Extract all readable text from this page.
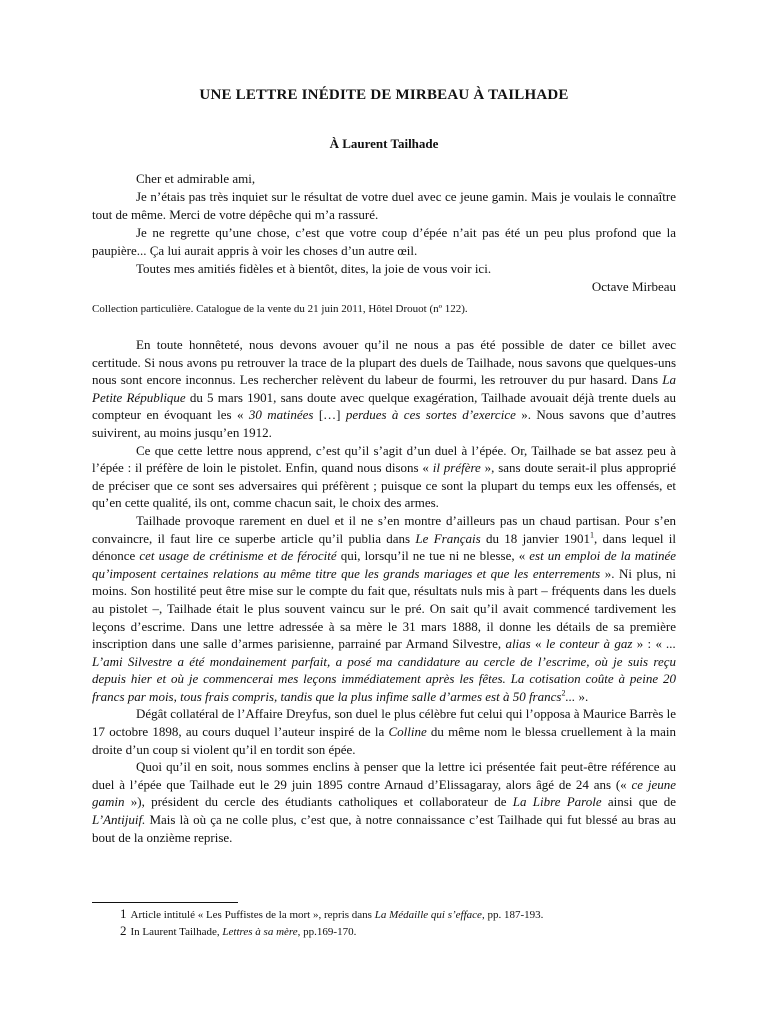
UNE LETTRE INÉDITE DE MIRBEAU À TAILHADE
À Laurent Tailhade

Cher et admirable ami,

Je n’étais pas très inquiet sur le résultat de votre duel avec ce jeune gamin. Mais je voulais le connaître tout de même. Merci de votre dépêche qui m’a rassuré.

Je ne regrette qu’une chose, c’est que votre coup d’épée n’ait pas été un peu plus profond que la paupière... Ça lui aurait appris à voir les choses d’un autre œil.

Toutes mes amitiés fidèles et à bientôt, dites, la joie de vous voir ici.

Octave Mirbeau

Collection particulière. Catalogue de la vente du 21 juin 2011, Hôtel Drouot (nº 122).

En toute honnêteté, nous devons avouer qu’il ne nous a pas été possible de dater ce billet avec certitude. Si nous avons pu retrouver la trace de la plupart des duels de Tailhade, nous savons que quelques-uns nous sont encore inconnus. Les rechercher relèvent du labeur de fourmi, les retrouver du pur hasard. Dans La Petite République du 5 mars 1901, sans doute avec quelque exagération, Tailhade avouait déjà trente duels au compteur en évoquant les « 30 matinées […] perdues à ces sortes d’exercice ». Nous savons que d’autres suivirent, au moins jusqu’en 1912.

Ce que cette lettre nous apprend, c’est qu’il s’agit d’un duel à l’épée. Or, Tailhade se bat assez peu à l’épée : il préfère de loin le pistolet. Enfin, quand nous disons « il préfère », sans doute serait-il plus approprié de préciser que ce sont ses adversaires qui préfèrent ; puisque ce sont la plupart du temps eux les offensés, et qu’en cette qualité, ils ont, comme chacun sait, le choix des armes.

Tailhade provoque rarement en duel et il ne s’en montre d’ailleurs pas un chaud partisan. Pour s’en convaincre, il faut lire ce superbe article qu’il publia dans Le Français du 18 janvier 1901$^1$, dans lequel il dénonce cet usage de crétinisme et de férocité qui, lorsqu’il ne tue ni ne blesse, « est un emploi de la matinée qu’imposent certaines relations au même titre que les grands mariages et que les enterrements ». Ni plus, ni moins. Son hostilité peut être mise sur le compte du fait que, résultats nuls mis à part – fréquents dans les duels au pistolet –, Tailhade était le plus souvent vaincu sur le pré. On sait qu’il avait commencé tardivement les leçons d’escrime. Dans une lettre adressée à sa mère le 31 mars 1888, il donne les détails de sa première inscription dans une salle d’armes parisienne, parrainé par Armand Silvestre, alias « le conteur à gaz » : « ... L’ami Silvestre a été mondainement parfait, a posé ma candidature au cercle de l’escrime, où je suis reçu depuis hier et où je commencerai mes leçons immédiatement après les fêtes. La cotisation coûte à peine 20 francs par mois, tous frais compris, tandis que la plus infime salle d’armes est à 50 francs$^2$... ».

Dégât collatéral de l’Affaire Dreyfus, son duel le plus célèbre fut celui qui l’opposa à Maurice Barrès le 17 octobre 1898, au cours duquel l’auteur inspiré de la Colline du même nom le blessa cruellement à la main droite d’un coup si violent qu’il en tordit son épée.

Quoi qu’il en soit, nous sommes enclins à penser que la lettre ici présentée fait peut-être référence au duel à l’épée que Tailhade eut le 29 juin 1895 contre Arnaud d’Elissagaray, alors âgé de 24 ans (« ce jeune gamin »), président du cercle des étudiants catholiques et collaborateur de La Libre Parole ainsi que de L’Antijuif. Mais là où ça ne colle plus, c’est que, à notre connaissance c’est Tailhade qui fut blessé au bras au bout de la onzième reprise.

1 Article intitulé « Les Puffistes de la mort », repris dans La Médaille qui s’efface, pp. 187-193.
2 In Laurent Tailhade, Lettres à sa mère, pp.169-170.
